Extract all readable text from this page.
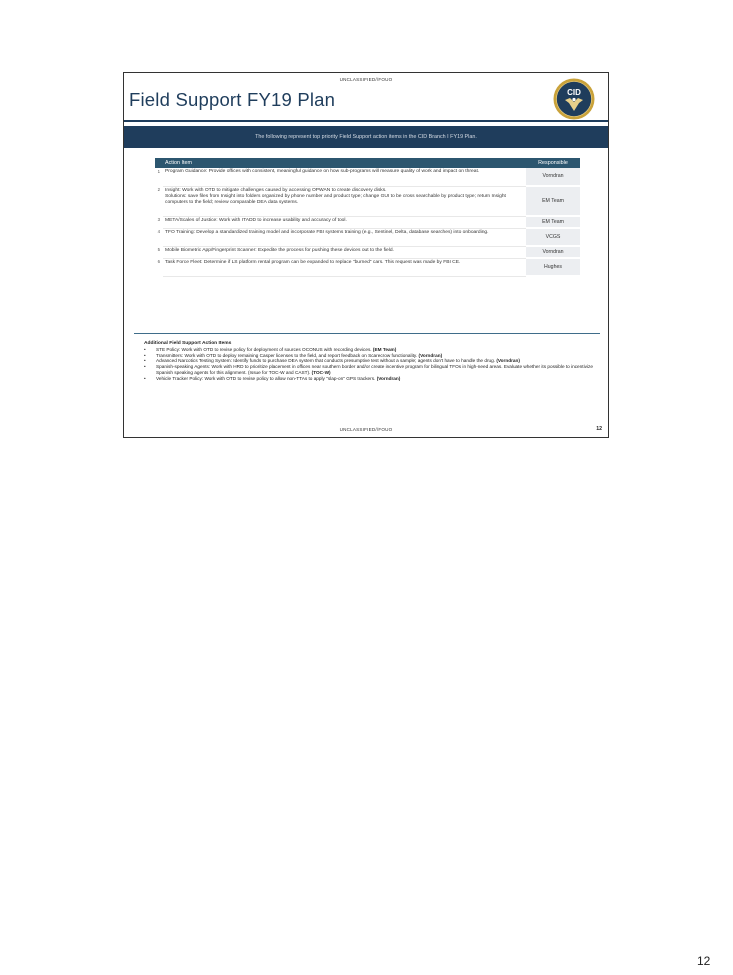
UNCLASSIFIED//FOUO
Field Support FY19 Plan	CID
The following represent top priority Field Support action items in the CID Branch I FY19 Plan.
	Action Item	Responsible
1	Program Guidance: Provide offices with consistent, meaningful guidance on how sub-programs will measure quality of work and impact on threat.	Vorndran
2	Insight: Work with OTD to mitigate challenges caused by accessing OPWAN to create discovery disks.
Solutions: save files from Insight into folders organized by phone number and product type; change GUI to be cross searchable by product type; return Insight computers to the field; review comparable DEA data systems.	EM Team
3	META/Scales of Justice: Work with ITADD to increase usability and accuracy of tool.	EM Team
4	TFO Training: Develop a standardized training model and incorporate FBI systems training (e.g., Sentinel, Delta, database searches) into onboarding.	VCGS
5	Mobile Biometric App/Fingerprint Scanner: Expedite the process for pushing these devices out to the field.	Vorndran
6	Task Force Fleet: Determine if LS platform rental program can be expanded to replace "burned" cars. This request was made by FBI CE.	Hughes
Additional Field Support Action Items
• STE Policy: Work with OTD to revise policy for deployment of sources OCONUS with recording devices. (EM Team)
• Transmitters: Work with OTD to deploy remaining Casper licenses to the field, and report feedback on Scarecrow functionality. (Vorndran)
• Advanced Narcotics Testing System: Identify funds to purchase DEA system that conducts presumptive test without a sample; agents don't have to handle the drug. (Vorndran)
• Spanish-speaking Agents: Work with HRD to prioritize placement in offices near southern border and/or create incentive program for bilingual TFOs in high-need areas. Evaluate whether its possible to incentivize Spanish speaking agents for this alignment. (Issue for TOC-W and CAST). (TOC-W)
• Vehicle Tracker Policy: Work with OTD to revise policy to allow non-TTAs to apply "slap-on" GPS trackers. (Vorndran)
UNCLASSIFIED//FOUO	12
12
